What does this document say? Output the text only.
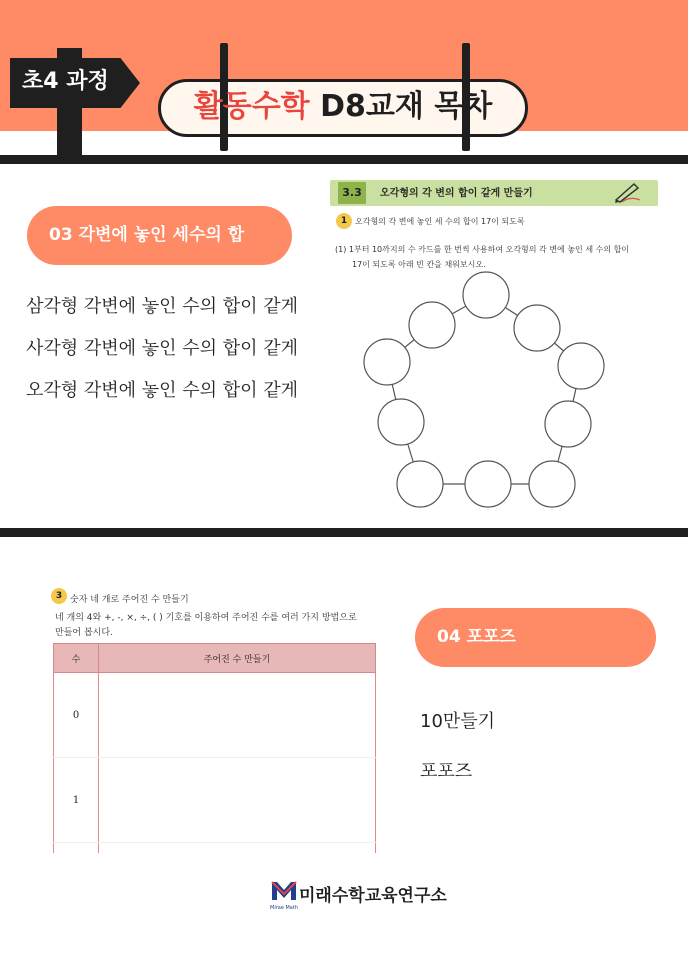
초4 과정
활동수학 D8교재 목차
03 각변에 놓인 세수의 합
삼각형 각변에 놓인 수의 합이 같게
사각형 각변에 놓인 수의 합이 같게
오각형 각변에 놓인 수의 합이 같게
3.3	오각형의 각 변의 합이 같게 만들기
1 오각형의 각 변에 놓인 세 수의 합이 17이 되도록
(1) 1부터 10까지의 수 카드를 한 번씩 사용하여 오각형의 각 변에 놓인 세 수의 합이
17이 되도록 아래 빈 칸을 채워보시오.
3 숫자 네 개로 주어진 수 만들기
네 개의 4와 +, -, ×, ÷, ( ) 기호를 이용하여 주어진 수를 여러 가지 방법으로
만들어 봅시다.
수	주어진 수 만들기
0	
1	

04 포포즈
10만들기
포포즈
Mirae Math
미래수학교육연구소
